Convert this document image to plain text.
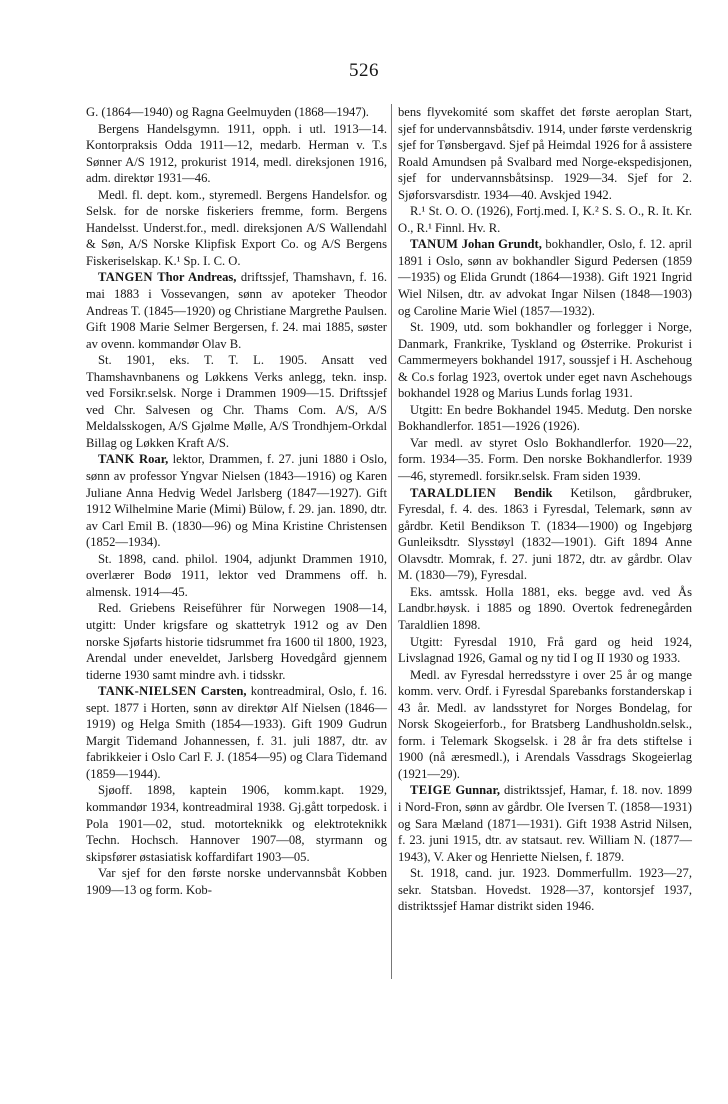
526

G. (1864—1940) og Ragna Geelmuyden (1868—1947).

Bergens Handelsgymn. 1911, opph. i utl. 1913—14. Kontorpraksis Odda 1911—12, medarb. Herman v. T.s Sønner A/S 1912, prokurist 1914, medl. direksjonen 1916, adm. direktør 1931—46.

Medl. fl. dept. kom., styremedl. Bergens Handelsfor. og Selsk. for de norske fiskeriers fremme, form. Bergens Handelsst. Underst.for., medl. direksjonen A/S Wallendahl & Søn, A/S Norske Klipfisk Export Co. og A/S Bergens Fiskeriselskap. K.¹ Sp. I. C. O.

TANGEN Thor Andreas, driftssjef, Thamshavn, f. 16. mai 1883 i Vossevangen, sønn av apoteker Theodor Andreas T. (1845—1920) og Christiane Margrethe Paulsen. Gift 1908 Marie Selmer Bergersen, f. 24. mai 1885, søster av ovenn. kommandør Olav B.

St. 1901, eks. T. T. L. 1905. Ansatt ved Thamshavnbanens og Løkkens Verks anlegg, tekn. insp. ved Forsikr.selsk. Norge i Drammen 1909—15. Driftssjef ved Chr. Salvesen og Chr. Thams Com. A/S, A/S Meldalsskogen, A/S Gjølme Mølle, A/S Trondhjem-Orkdal Billag og Løkken Kraft A/S.

TANK Roar, lektor, Drammen, f. 27. juni 1880 i Oslo, sønn av professor Yngvar Nielsen (1843—1916) og Karen Juliane Anna Hedvig Wedel Jarlsberg (1847—1927). Gift 1912 Wilhelmine Marie (Mimi) Bülow, f. 29. jan. 1890, dtr. av Carl Emil B. (1830—96) og Mina Kristine Christensen (1852—1934).

St. 1898, cand. philol. 1904, adjunkt Drammen 1910, overlærer Bodø 1911, lektor ved Drammens off. h. almensk. 1914—45.

Red. Griebens Reiseführer für Norwegen 1908—14, utgitt: Under krigsfare og skattetryk 1912 og av Den norske Sjøfarts historie tidsrummet fra 1600 til 1800, 1923, Arendal under eneveldet, Jarlsberg Hovedgård gjennem tiderne 1930 samt mindre avh. i tidsskr.

TANK-NIELSEN Carsten, kontreadmiral, Oslo, f. 16. sept. 1877 i Horten, sønn av direktør Alf Nielsen (1846—1919) og Helga Smith (1854—1933). Gift 1909 Gudrun Margit Tidemand Johannessen, f. 31. juli 1887, dtr. av fabrikkeier i Oslo Carl F. J. (1854—95) og Clara Tidemand (1859—1944).

Sjøoff. 1898, kaptein 1906, komm.kapt. 1929, kommandør 1934, kontreadmiral 1938. Gj.gått torpedosk. i Pola 1901—02, stud. motorteknikk og elektroteknikk Techn. Hochsch. Hannover 1907—08, styrmann og skipsfører østasiatisk koffardifart 1903—05.

Var sjef for den første norske undervannsbåt Kobben 1909—13 og form. Kob-

bens flyvekomité som skaffet det første aeroplan Start, sjef for undervannsbåtsdiv. 1914, under første verdenskrig sjef for Tønsbergavd. Sjef på Heimdal 1926 for å assistere Roald Amundsen på Svalbard med Norge-ekspedisjonen, sjef for undervannsbåtsinsp. 1929—34. Sjef for 2. Sjøforsvarsdistr. 1934—40. Avskjed 1942.

R.¹ St. O. O. (1926), Fortj.med. I, K.² S. S. O., R. It. Kr. O., R.¹ Finnl. Hv. R.

TANUM Johan Grundt, bokhandler, Oslo, f. 12. april 1891 i Oslo, sønn av bokhandler Sigurd Pedersen (1859—1935) og Elida Grundt (1864—1938). Gift 1921 Ingrid Wiel Nilsen, dtr. av advokat Ingar Nilsen (1848—1903) og Caroline Marie Wiel (1857—1932).

St. 1909, utd. som bokhandler og forlegger i Norge, Danmark, Frankrike, Tyskland og Østerrike. Prokurist i Cammermeyers bokhandel 1917, soussjef i H. Aschehoug & Co.s forlag 1923, overtok under eget navn Aschehougs bokhandel 1928 og Marius Lunds forlag 1931.

Utgitt: En bedre Bokhandel 1945. Medutg. Den norske Bokhandlerfor. 1851—1926 (1926).

Var medl. av styret Oslo Bokhandlerfor. 1920—22, form. 1934—35. Form. Den norske Bokhandlerfor. 1939—46, styremedl. forsikr.selsk. Fram siden 1939.

TARALDLIEN Bendik Ketilson, gårdbruker, Fyresdal, f. 4. des. 1863 i Fyresdal, Telemark, sønn av gårdbr. Ketil Bendikson T. (1834—1900) og Ingebjørg Gunleiksdtr. Slysstøyl (1832—1901). Gift 1894 Anne Olavsdtr. Momrak, f. 27. juni 1872, dtr. av gårdbr. Olav M. (1830—79), Fyresdal.

Eks. amtssk. Holla 1881, eks. begge avd. ved Ås Landbr.høysk. i 1885 og 1890. Overtok fedrenegården Taraldlien 1898.

Utgitt: Fyresdal 1910, Frå gard og heid 1924, Livslagnad 1926, Gamal og ny tid I og II 1930 og 1933.

Medl. av Fyresdal herredsstyre i over 25 år og mange komm. verv. Ordf. i Fyresdal Sparebanks forstanderskap i 43 år. Medl. av landsstyret for Norges Bondelag, for Norsk Skogeierforb., for Bratsberg Landhusholdn.selsk., form. i Telemark Skogselsk. i 28 år fra dets stiftelse i 1900 (nå æresmedl.), i Arendals Vassdrags Skogeierlag (1921—29).

TEIGE Gunnar, distriktssjef, Hamar, f. 18. nov. 1899 i Nord-Fron, sønn av gårdbr. Ole Iversen T. (1858—1931) og Sara Mæland (1871—1931). Gift 1938 Astrid Nilsen, f. 23. juni 1915, dtr. av statsaut. rev. William N. (1877—1943), V. Aker og Henriette Nielsen, f. 1879.

St. 1918, cand. jur. 1923. Dommerfullm. 1923—27, sekr. Statsban. Hovedst. 1928—37, kontorsjef 1937, distriktssjef Hamar distrikt siden 1946.
